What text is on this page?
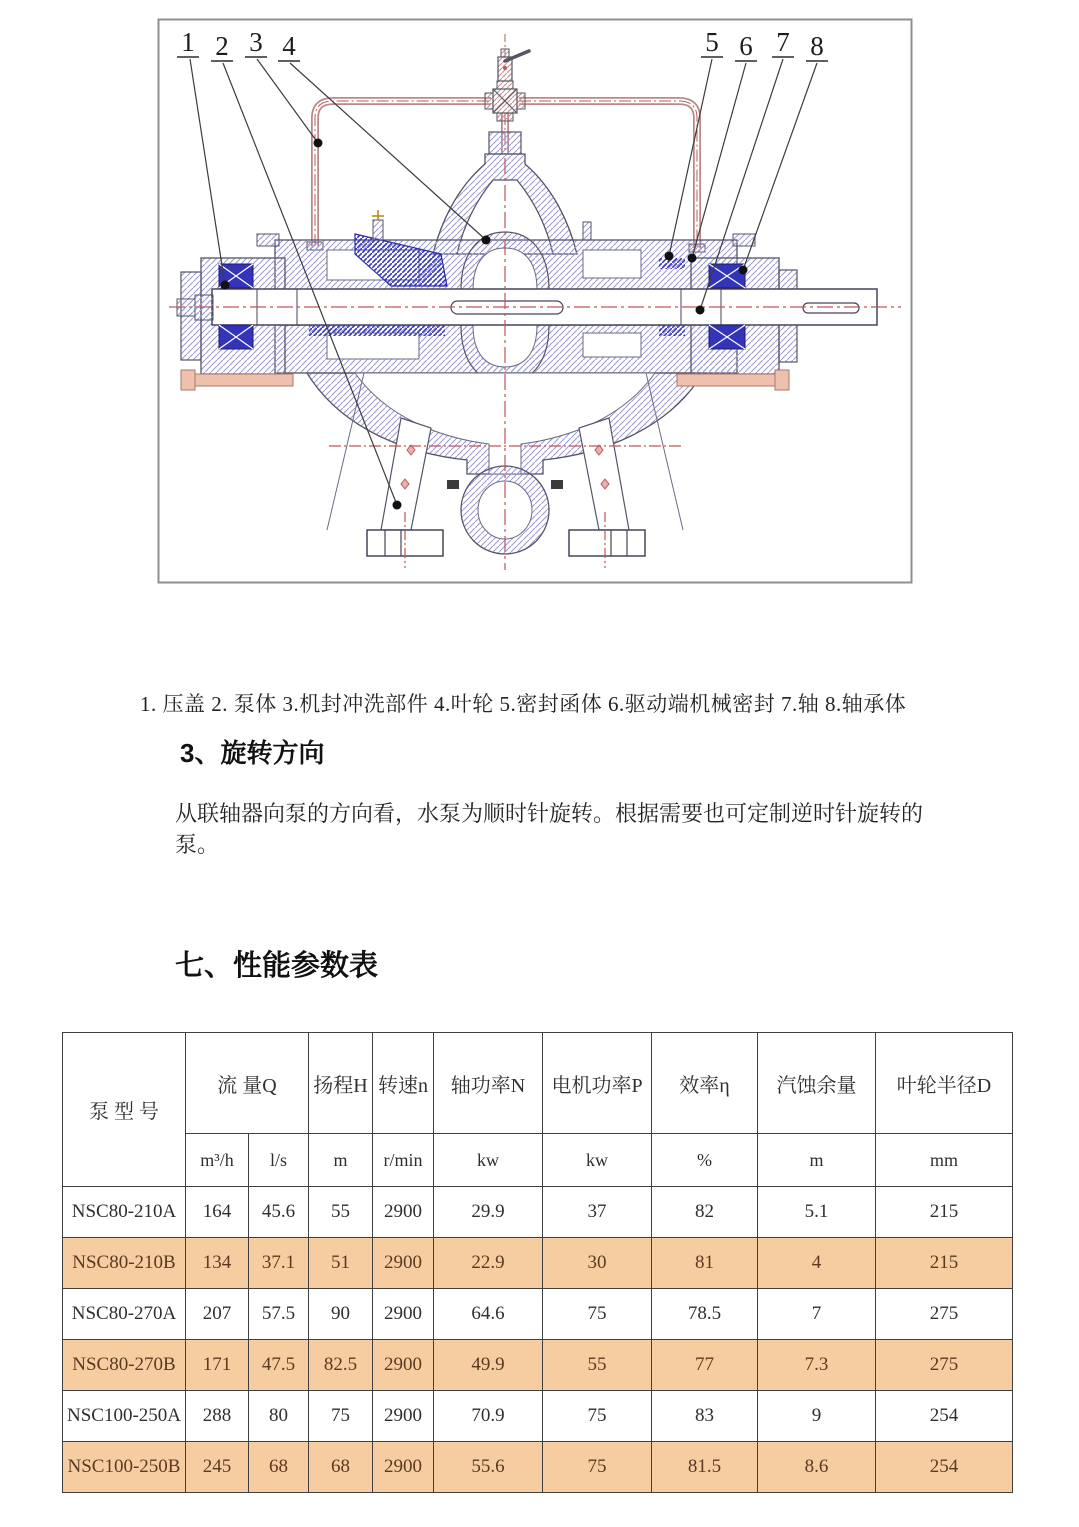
1 2 3 4	5 6 7 8

1. 压盖 2. 泵体 3.机封冲洗部件 4.叶轮 5.密封函体 6.驱动端机械密封 7.轴 8.轴承体

3、旋转方向

从联轴器向泵的方向看，水泵为顺时针旋转。根据需要也可定制逆时针旋转的泵。

七、性能参数表
泵 型 号	流 量Q		扬程H	转速n	轴功率N	电机功率P	效率η	汽蚀余量	叶轮半径D
	m³/h	l/s	m	r/min	kw	kw	%	m	mm
NSC80-210A	164	45.6	55	2900	29.9	37	82	5.1	215
NSC80-210B	134	37.1	51	2900	22.9	30	81	4	215
NSC80-270A	207	57.5	90	2900	64.6	75	78.5	7	275
NSC80-270B	171	47.5	82.5	2900	49.9	55	77	7.3	275
NSC100-250A	288	80	75	2900	70.9	75	83	9	254
NSC100-250B	245	68	68	2900	55.6	75	81.5	8.6	254
